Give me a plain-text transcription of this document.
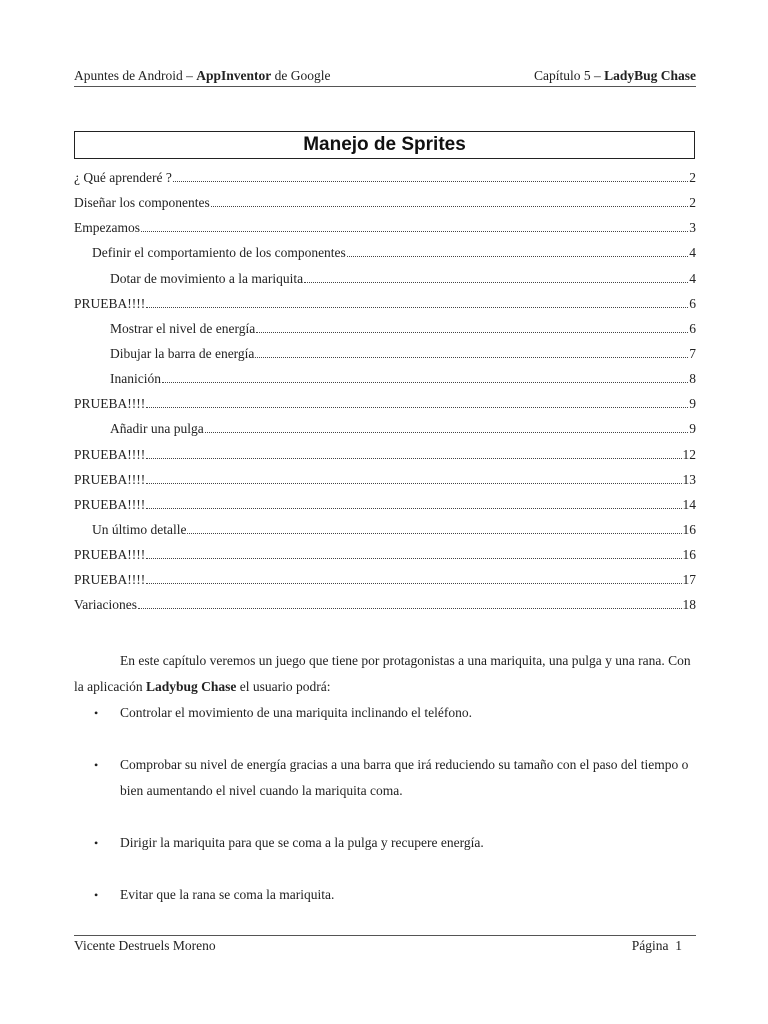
Apuntes de Android – AppInventor de Google	Capítulo 5 – LadyBug Chase
Manejo de Sprites
¿ Qué aprenderé ?	2
Diseñar los componentes	2
Empezamos	3
Definir el comportamiento de los componentes	4
Dotar de movimiento a la mariquita	4
PRUEBA!!!!	6
Mostrar el nivel de energía	6
Dibujar la barra de energía	7
Inanición	8
PRUEBA!!!!	9
Añadir una pulga	9
PRUEBA!!!!	12
PRUEBA!!!!	13
PRUEBA!!!!	14
Un último detalle	16
PRUEBA!!!!	16
PRUEBA!!!!	17
Variaciones	18

En este capítulo veremos un juego que tiene por protagonistas a una mariquita, una pulga y una rana. Con la aplicación Ladybug Chase el usuario podrá:

• Controlar el movimiento de una mariquita inclinando el teléfono.
• Comprobar su nivel de energía gracias a una barra que irá reduciendo su tamaño con el paso del tiempo o bien aumentando el nivel cuando la mariquita coma.
• Dirigir la mariquita para que se coma a la pulga y recupere energía.
• Evitar que la rana se coma la mariquita.
Vicente Destruels Moreno	Página 1
